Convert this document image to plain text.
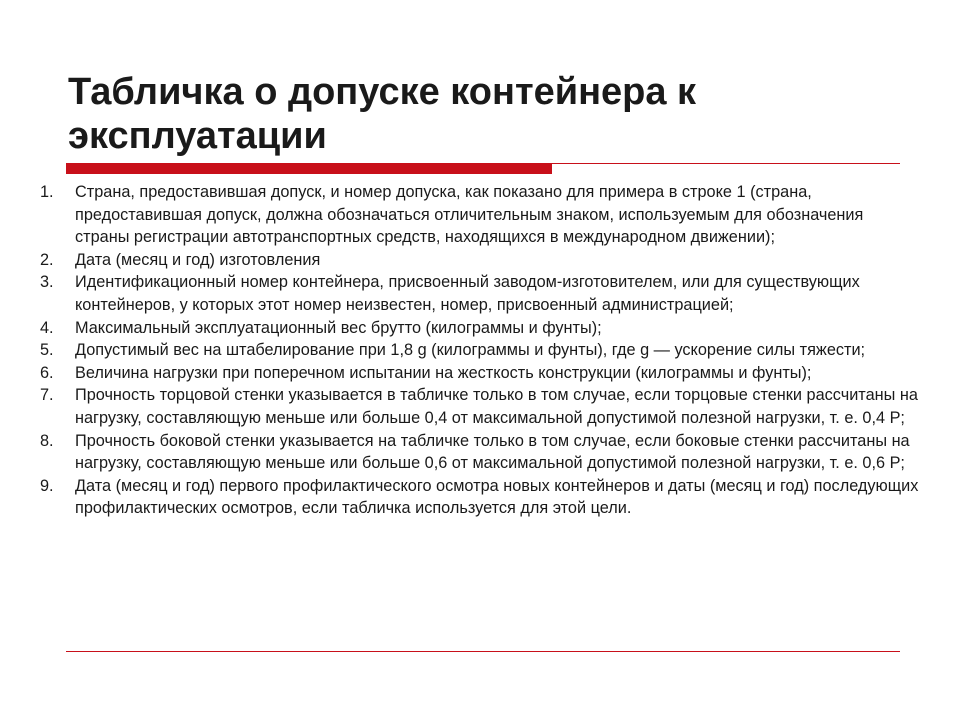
Табличка о допуске контейнера к эксплуатации
1.	Страна, предоставившая допуск, и номер допуска, как показано для примера в строке 1 (страна, предоставившая допуск, должна обозначаться отличительным знаком, используемым для обозначения страны регистрации автотранспортных средств, находящихся в международном движении);
2.	Дата (месяц и год) изготовления
3.	Идентификационный номер контейнера, присвоенный заводом-изготовителем, или для существующих контейнеров, у которых этот номер неизвестен, номер, присвоенный администрацией;
4.	Максимальный эксплуатационный вес брутто (килограммы и фунты);
5.	Допустимый вес на штабелирование при 1,8 g (килограммы и фунты), где g — ускорение силы тяжести;
6.	Величина нагрузки при поперечном испытании на жесткость конструкции (килограммы и фунты);
7.	Прочность торцовой стенки указывается в табличке только в том случае, если торцовые стенки рассчитаны на нагрузку, составляющую меньше или больше 0,4 от максимальной допустимой полезной нагрузки, т. е. 0,4 P;
8.	Прочность боковой стенки указывается на табличке только в том случае, если боковые стенки рассчитаны на нагрузку, составляющую меньше или больше 0,6 от максимальной допустимой полезной нагрузки, т. е. 0,6 P;
9.	Дата (месяц и год) первого профилактического осмотра новых контейнеров и даты (месяц и год) последующих профилактических осмотров, если табличка используется для этой цели.
